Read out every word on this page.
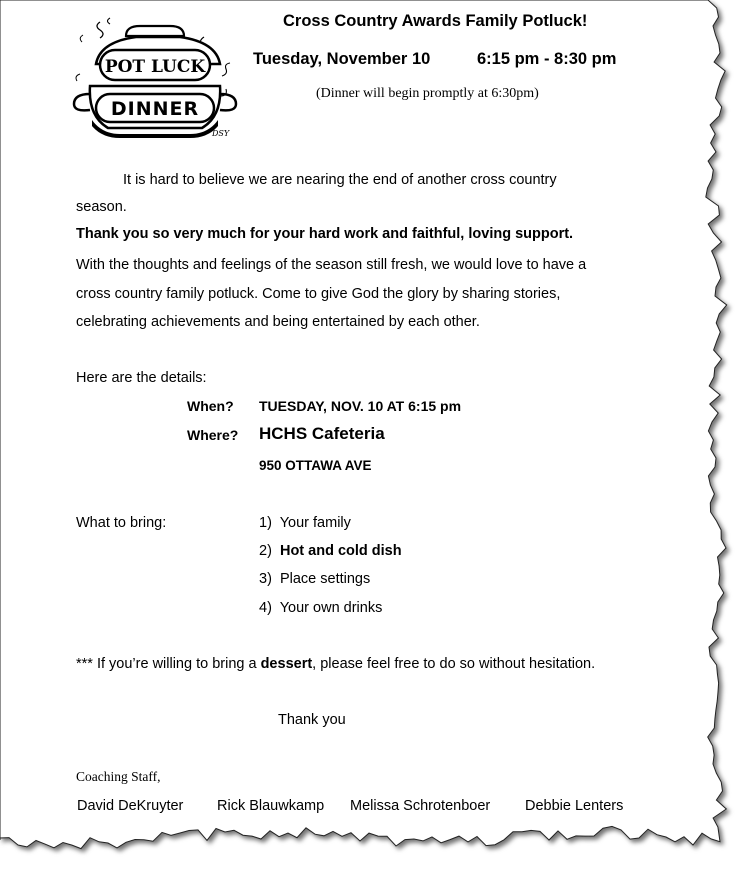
POT LUCK
DINNER
DSY
Cross Country Awards Family Potluck!
Tuesday, November 10	6:15 pm - 8:30 pm
(Dinner will begin promptly at 6:30pm)
It is hard to believe we are nearing the end of another cross country
season.
Thank you so very much for your hard work and faithful, loving support.
With the thoughts and feelings of the season still fresh, we would love to have a
cross country family potluck. Come to give God the glory by sharing stories,
celebrating achievements and being entertained by each other.
Here are the details:
When? TUESDAY, NOV. 10 AT 6:15 pm
Where? HCHS Cafeteria
950 OTTAWA AVE
What to bring:	1) Your family
2) Hot and cold dish
3) Place settings
4) Your own drinks
*** If you’re willing to bring a dessert, please feel free to do so without hesitation.
Thank you
Coaching Staff,
David DeKruyter Rick Blauwkamp Melissa Schrotenboer Debbie Lenters
